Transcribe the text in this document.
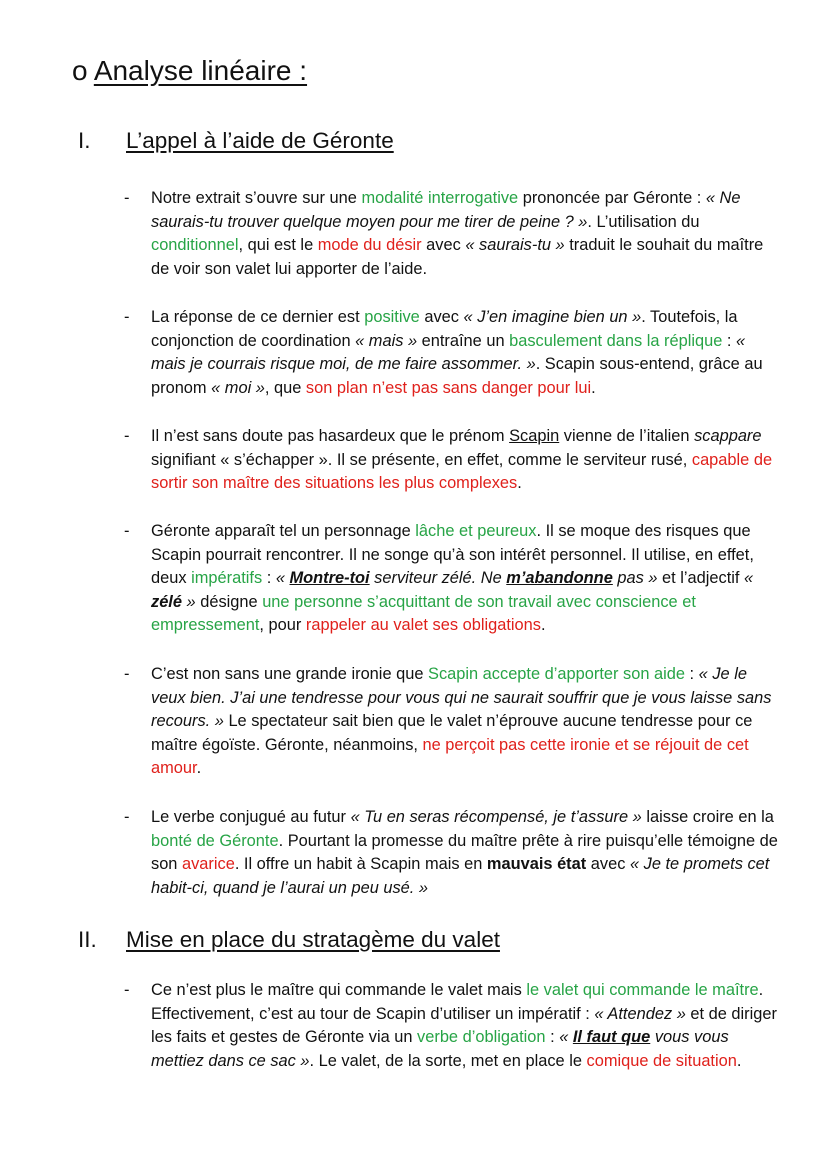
o Analyse linéaire :
I. L’appel à l’aide de Géronte
- Notre extrait s’ouvre sur une modalité interrogative prononcée par Géronte : « Ne saurais-tu trouver quelque moyen pour me tirer de peine ? ». L’utilisation du conditionnel, qui est le mode du désir avec « saurais-tu » traduit le souhait du maître de voir son valet lui apporter de l’aide.
- La réponse de ce dernier est positive avec « J’en imagine bien un ». Toutefois, la conjonction de coordination « mais » entraîne un basculement dans la réplique : « mais je courrais risque moi, de me faire assommer. ». Scapin sous-entend, grâce au pronom « moi », que son plan n’est pas sans danger pour lui.
- Il n’est sans doute pas hasardeux que le prénom Scapin vienne de l’italien scappare signifiant « s’échapper ». Il se présente, en effet, comme le serviteur rusé, capable de sortir son maître des situations les plus complexes.
- Géronte apparaît tel un personnage lâche et peureux. Il se moque des risques que Scapin pourrait rencontrer. Il ne songe qu’à son intérêt personnel. Il utilise, en effet, deux impératifs : « Montre-toi serviteur zélé. Ne m’abandonne pas » et l’adjectif « zélé » désigne une personne s’acquittant de son travail avec conscience et empressement, pour rappeler au valet ses obligations.
- C’est non sans une grande ironie que Scapin accepte d’apporter son aide : « Je le veux bien. J’ai une tendresse pour vous qui ne saurait souffrir que je vous laisse sans recours. » Le spectateur sait bien que le valet n’éprouve aucune tendresse pour ce maître égoïste. Géronte, néanmoins, ne perçoit pas cette ironie et se réjouit de cet amour.
- Le verbe conjugué au futur « Tu en seras récompensé, je t’assure » laisse croire en la bonté de Géronte. Pourtant la promesse du maître prête à rire puisqu’elle témoigne de son avarice. Il offre un habit à Scapin mais en mauvais état avec « Je te promets cet habit-ci, quand je l’aurai un peu usé. »
II. Mise en place du stratagème du valet
- Ce n’est plus le maître qui commande le valet mais le valet qui commande le maître. Effectivement, c’est au tour de Scapin d’utiliser un impératif : « Attendez » et de diriger les faits et gestes de Géronte via un verbe d’obligation : « Il faut que vous vous mettiez dans ce sac ». Le valet, de la sorte, met en place le comique de situation.
